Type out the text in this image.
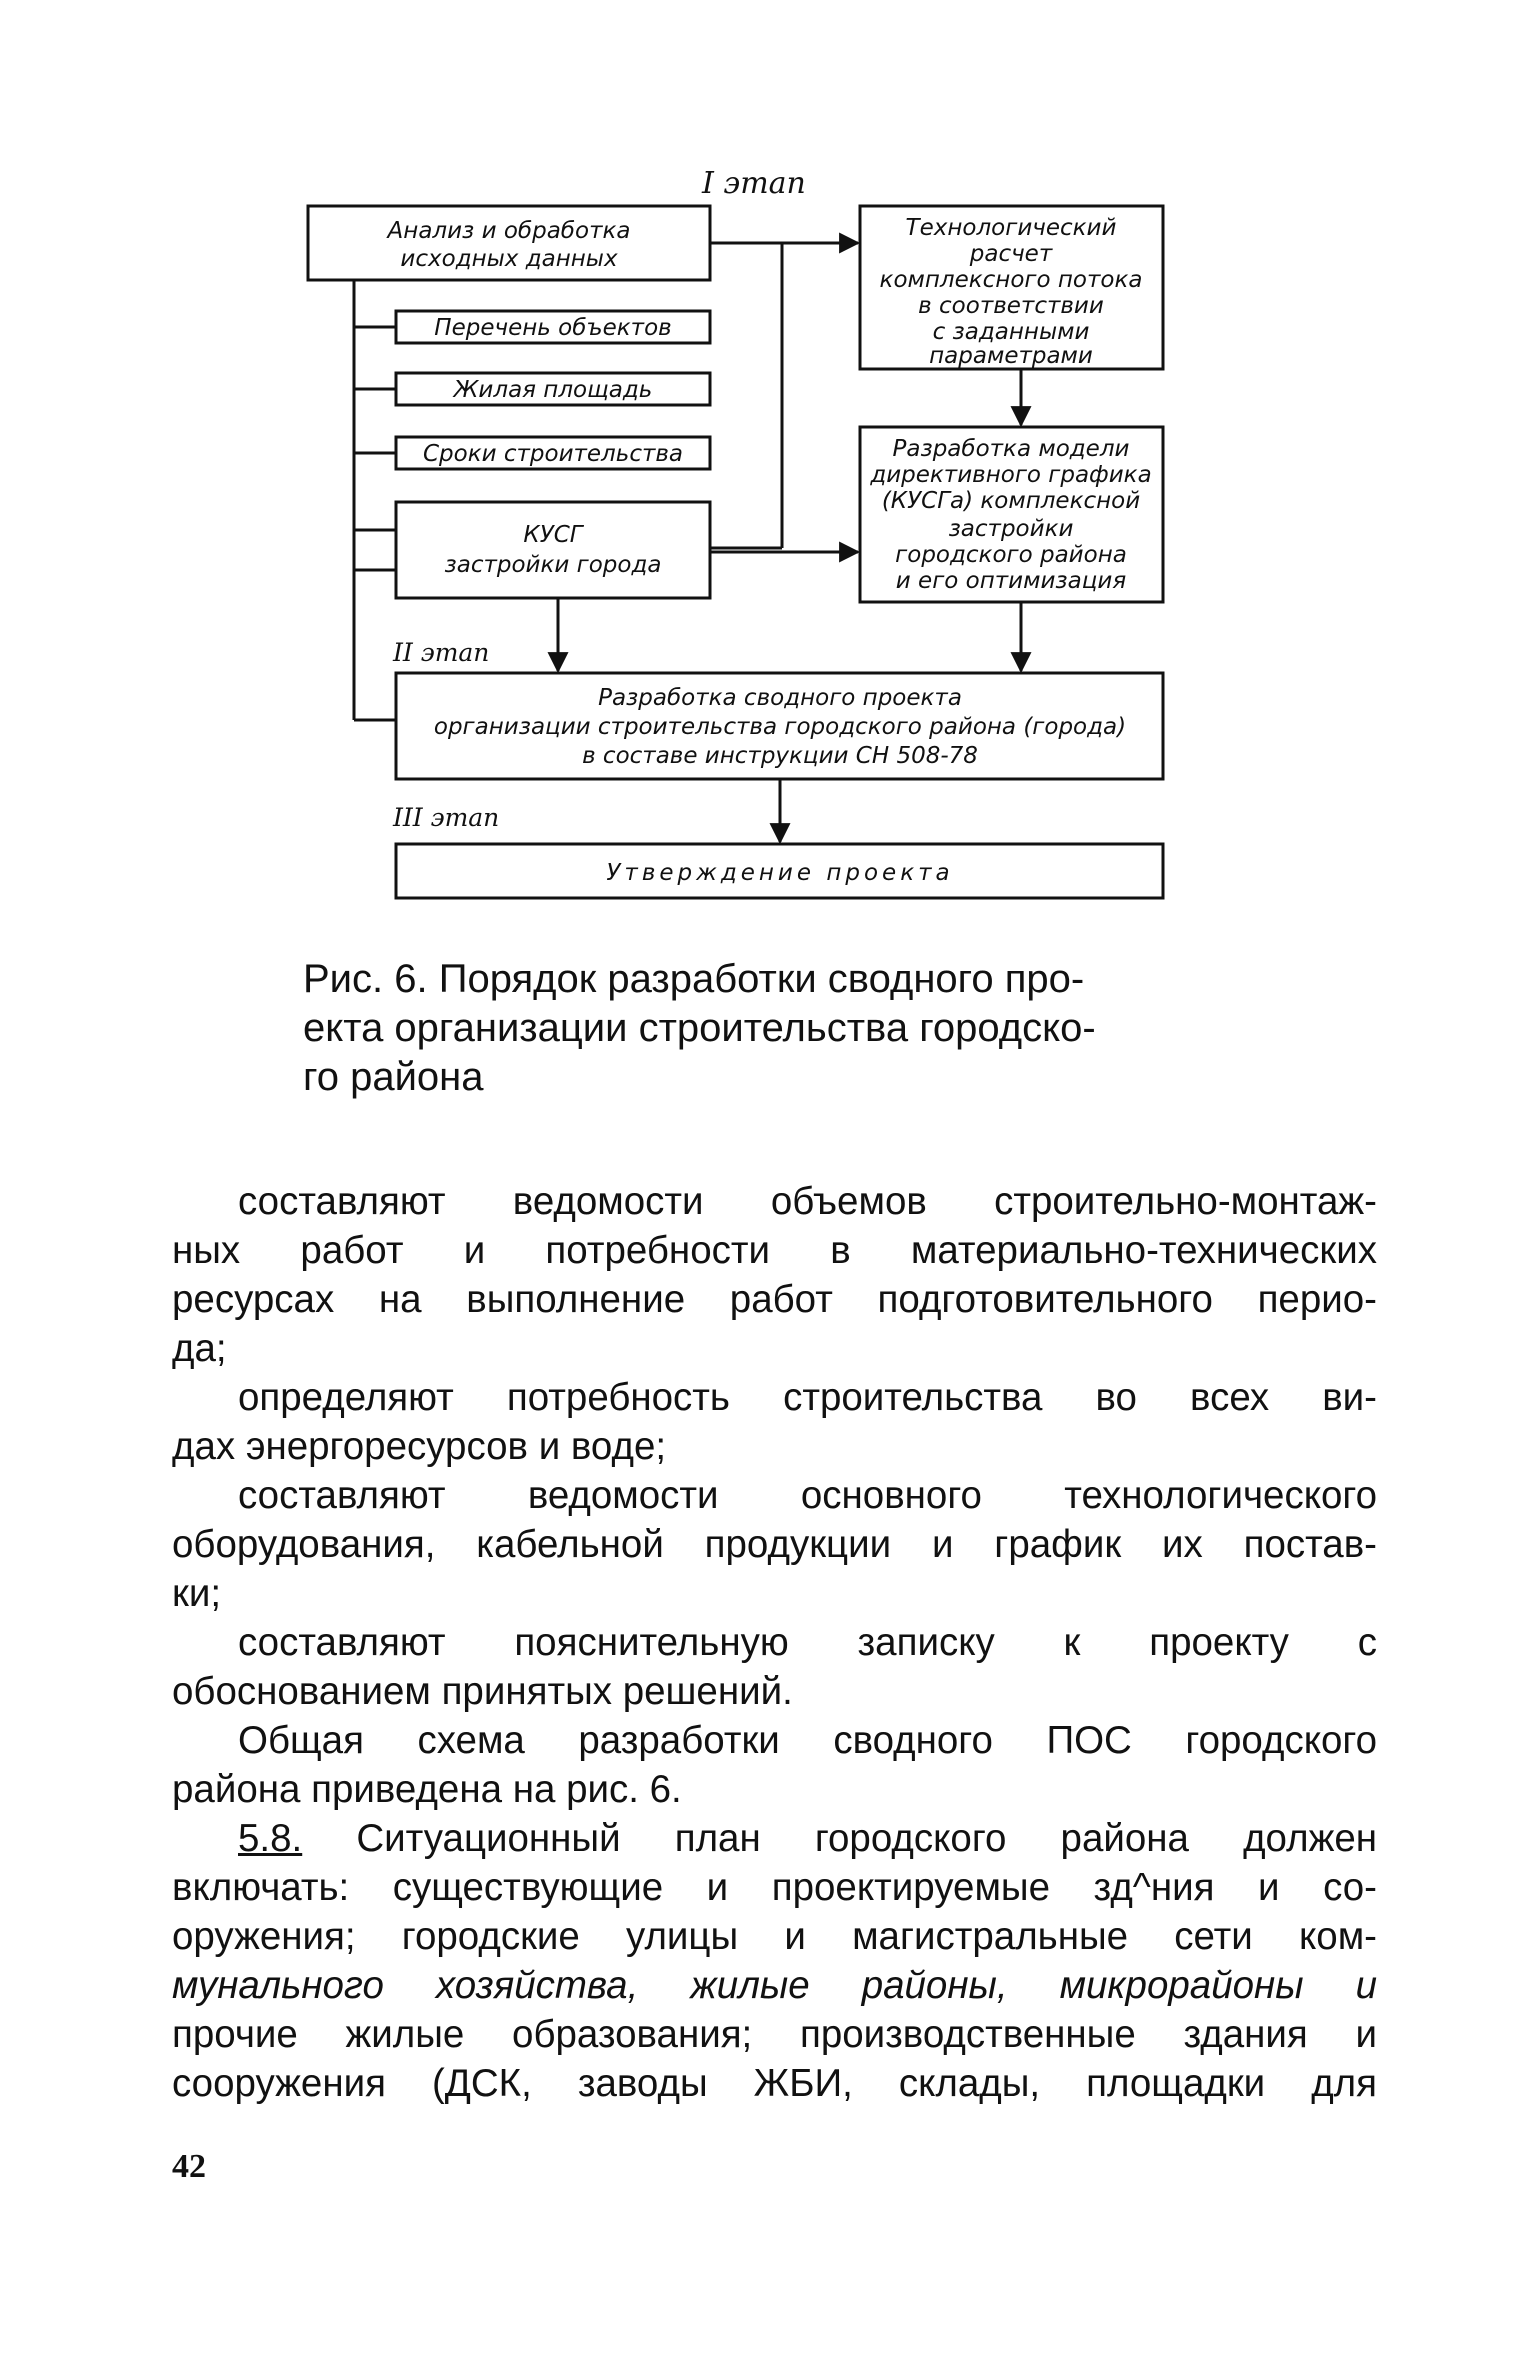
I этап
II этап
III этап
Анализ и обработка
исходных данных
Перечень объектов
Жилая площадь
Сроки строительства
КУСГ
застройки города
Технологический
расчет
комплексного потока
в соответствии
с заданными
параметрами
Разработка модели
директивного графика
(КУСГа) комплексной
застройки
городского района
и его оптимизация
Разработка сводного проекта
организации строительства городского района (города)
в составе инструкции СН 508-78
Утверждение проекта
Рис. 6. Порядок разработки сводного про-
екта организации строительства городско-
го района
составляют ведомости объемов строительно-монтаж-
ных работ и потребности в материально-технических
ресурсах на выполнение работ подготовительного перио-
да;
определяют потребность строительства во всех ви-
дах энергоресурсов и воде;
составляют ведомости основного технологического
оборудования, кабельной продукции и график их постав-
ки;
составляют пояснительную записку к проекту с
обоснованием принятых решений.
Общая схема разработки сводного ПОС городского
района приведена на рис. 6.
5.8. Ситуационный план городского района должен
включать: существующие и проектируемые зд^ния и со-
оружения; городские улицы и магистральные сети ком-
мунального хозяйства, жилые районы, микрорайоны и
прочие жилые образования; производственные здания и
сооружения (ДСК, заводы ЖБИ, склады, площадки для
42
